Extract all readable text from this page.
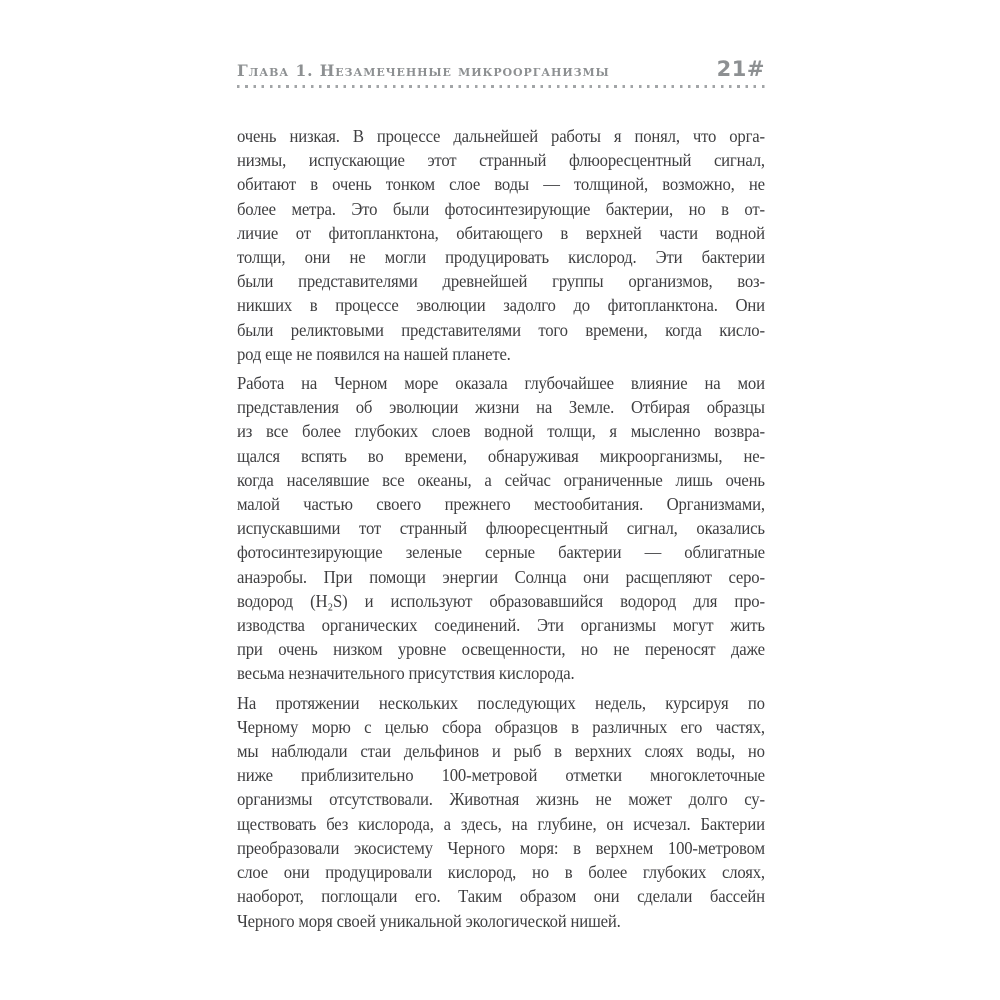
Глава 1. Незамеченные микроорганизмы	21#
очень низкая. В процессе дальнейшей работы я понял, что орга-
низмы, испускающие этот странный флюоресцентный сигнал,
обитают в очень тонком слое воды — толщиной, возможно, не
более метра. Это были фотосинтезирующие бактерии, но в от-
личие от фитопланктона, обитающего в верхней части водной
толщи, они не могли продуцировать кислород. Эти бактерии
были представителями древнейшей группы организмов, воз-
никших в процессе эволюции задолго до фитопланктона. Они
были реликтовыми представителями того времени, когда кисло-
род еще не появился на нашей планете.
Работа на Черном море оказала глубочайшее влияние на мои
представления об эволюции жизни на Земле. Отбирая образцы
из все более глубоких слоев водной толщи, я мысленно возвра-
щался вспять во времени, обнаруживая микроорганизмы, не-
когда населявшие все океаны, а сейчас ограниченные лишь очень
малой частью своего прежнего местообитания. Организмами,
испускавшими тот странный флюоресцентный сигнал, оказались
фотосинтезирующие зеленые серные бактерии — облигатные
анаэробы. При помощи энергии Солнца они расщепляют серо-
водород (H₂S) и используют образовавшийся водород для про-
изводства органических соединений. Эти организмы могут жить
при очень низком уровне освещенности, но не переносят даже
весьма незначительного присутствия кислорода.
На протяжении нескольких последующих недель, курсируя по
Черному морю с целью сбора образцов в различных его частях,
мы наблюдали стаи дельфинов и рыб в верхних слоях воды, но
ниже приблизительно 100-метровой отметки многоклеточные
организмы отсутствовали. Животная жизнь не может долго су-
ществовать без кислорода, а здесь, на глубине, он исчезал. Бактерии
преобразовали экосистему Черного моря: в верхнем 100-метровом
слое они продуцировали кислород, но в более глубоких слоях,
наоборот, поглощали его. Таким образом они сделали бассейн
Черного моря своей уникальной экологической нишей.
